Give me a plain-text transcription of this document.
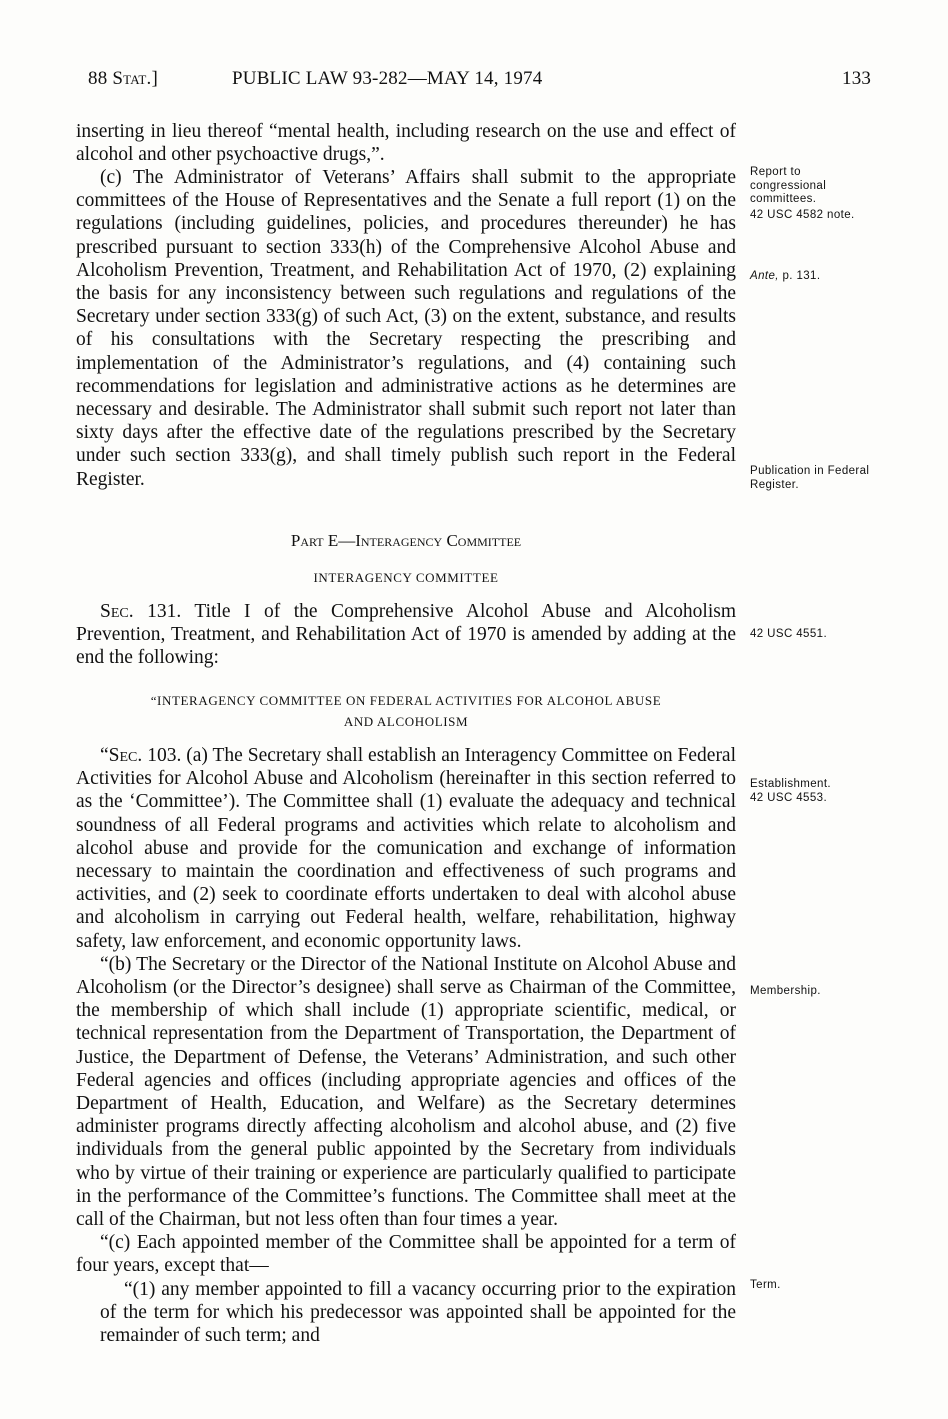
88 Stat.]	PUBLIC LAW 93-282—MAY 14, 1974	133

inserting in lieu thereof “mental health, including research on the use and effect of alcohol and other psychoactive drugs,”.

(c) The Administrator of Veterans’ Affairs shall submit to the appropriate committees of the House of Representatives and the Senate a full report (1) on the regulations (including guidelines, policies, and procedures thereunder) he has prescribed pursuant to section 333(h) of the Comprehensive Alcohol Abuse and Alcoholism Prevention, Treatment, and Rehabilitation Act of 1970, (2) explaining the basis for any inconsistency between such regulations and regulations of the Secretary under section 333(g) of such Act, (3) on the extent, substance, and results of his consultations with the Secretary respecting the prescribing and implementation of the Administrator’s regulations, and (4) containing such recommendations for legislation and administrative actions as he determines are necessary and desirable. The Administrator shall submit such report not later than sixty days after the effective date of the regulations prescribed by the Secretary under such section 333(g), and shall timely publish such report in the Federal Register.

Part E—Interagency Committee
INTERAGENCY COMMITTEE

Sec. 131. Title I of the Comprehensive Alcohol Abuse and Alcoholism Prevention, Treatment, and Rehabilitation Act of 1970 is amended by adding at the end the following:

“INTERAGENCY COMMITTEE ON FEDERAL ACTIVITIES FOR ALCOHOL ABUSE
AND ALCOHOLISM

“Sec. 103. (a) The Secretary shall establish an Interagency Committee on Federal Activities for Alcohol Abuse and Alcoholism (hereinafter in this section referred to as the ‘Committee’). The Committee shall (1) evaluate the adequacy and technical soundness of all Federal programs and activities which relate to alcoholism and alcohol abuse and provide for the comunication and exchange of information necessary to maintain the coordination and effectiveness of such programs and activities, and (2) seek to coordinate efforts undertaken to deal with alcohol abuse and alcoholism in carrying out Federal health, welfare, rehabilitation, highway safety, law enforcement, and economic opportunity laws.

“(b) The Secretary or the Director of the National Institute on Alcohol Abuse and Alcoholism (or the Director’s designee) shall serve as Chairman of the Committee, the membership of which shall include (1) appropriate scientific, medical, or technical representation from the Department of Transportation, the Department of Justice, the Department of Defense, the Veterans’ Administration, and such other Federal agencies and offices (including appropriate agencies and offices of the Department of Health, Education, and Welfare) as the Secretary determines administer programs directly affecting alcoholism and alcohol abuse, and (2) five individuals from the general public appointed by the Secretary from individuals who by virtue of their training or experience are particularly qualified to participate in the performance of the Committee’s functions. The Committee shall meet at the call of the Chairman, but not less often than four times a year.

“(c) Each appointed member of the Committee shall be appointed for a term of four years, except that—

“(1) any member appointed to fill a vacancy occurring prior to the expiration of the term for which his predecessor was appointed shall be appointed for the remainder of such term; and

Report to congressional committees.
42 USC 4582 note.
Ante, p. 131.
Publication in Federal Register.
42 USC 4551.
Establishment.
42 USC 4553.
Membership.
Term.
